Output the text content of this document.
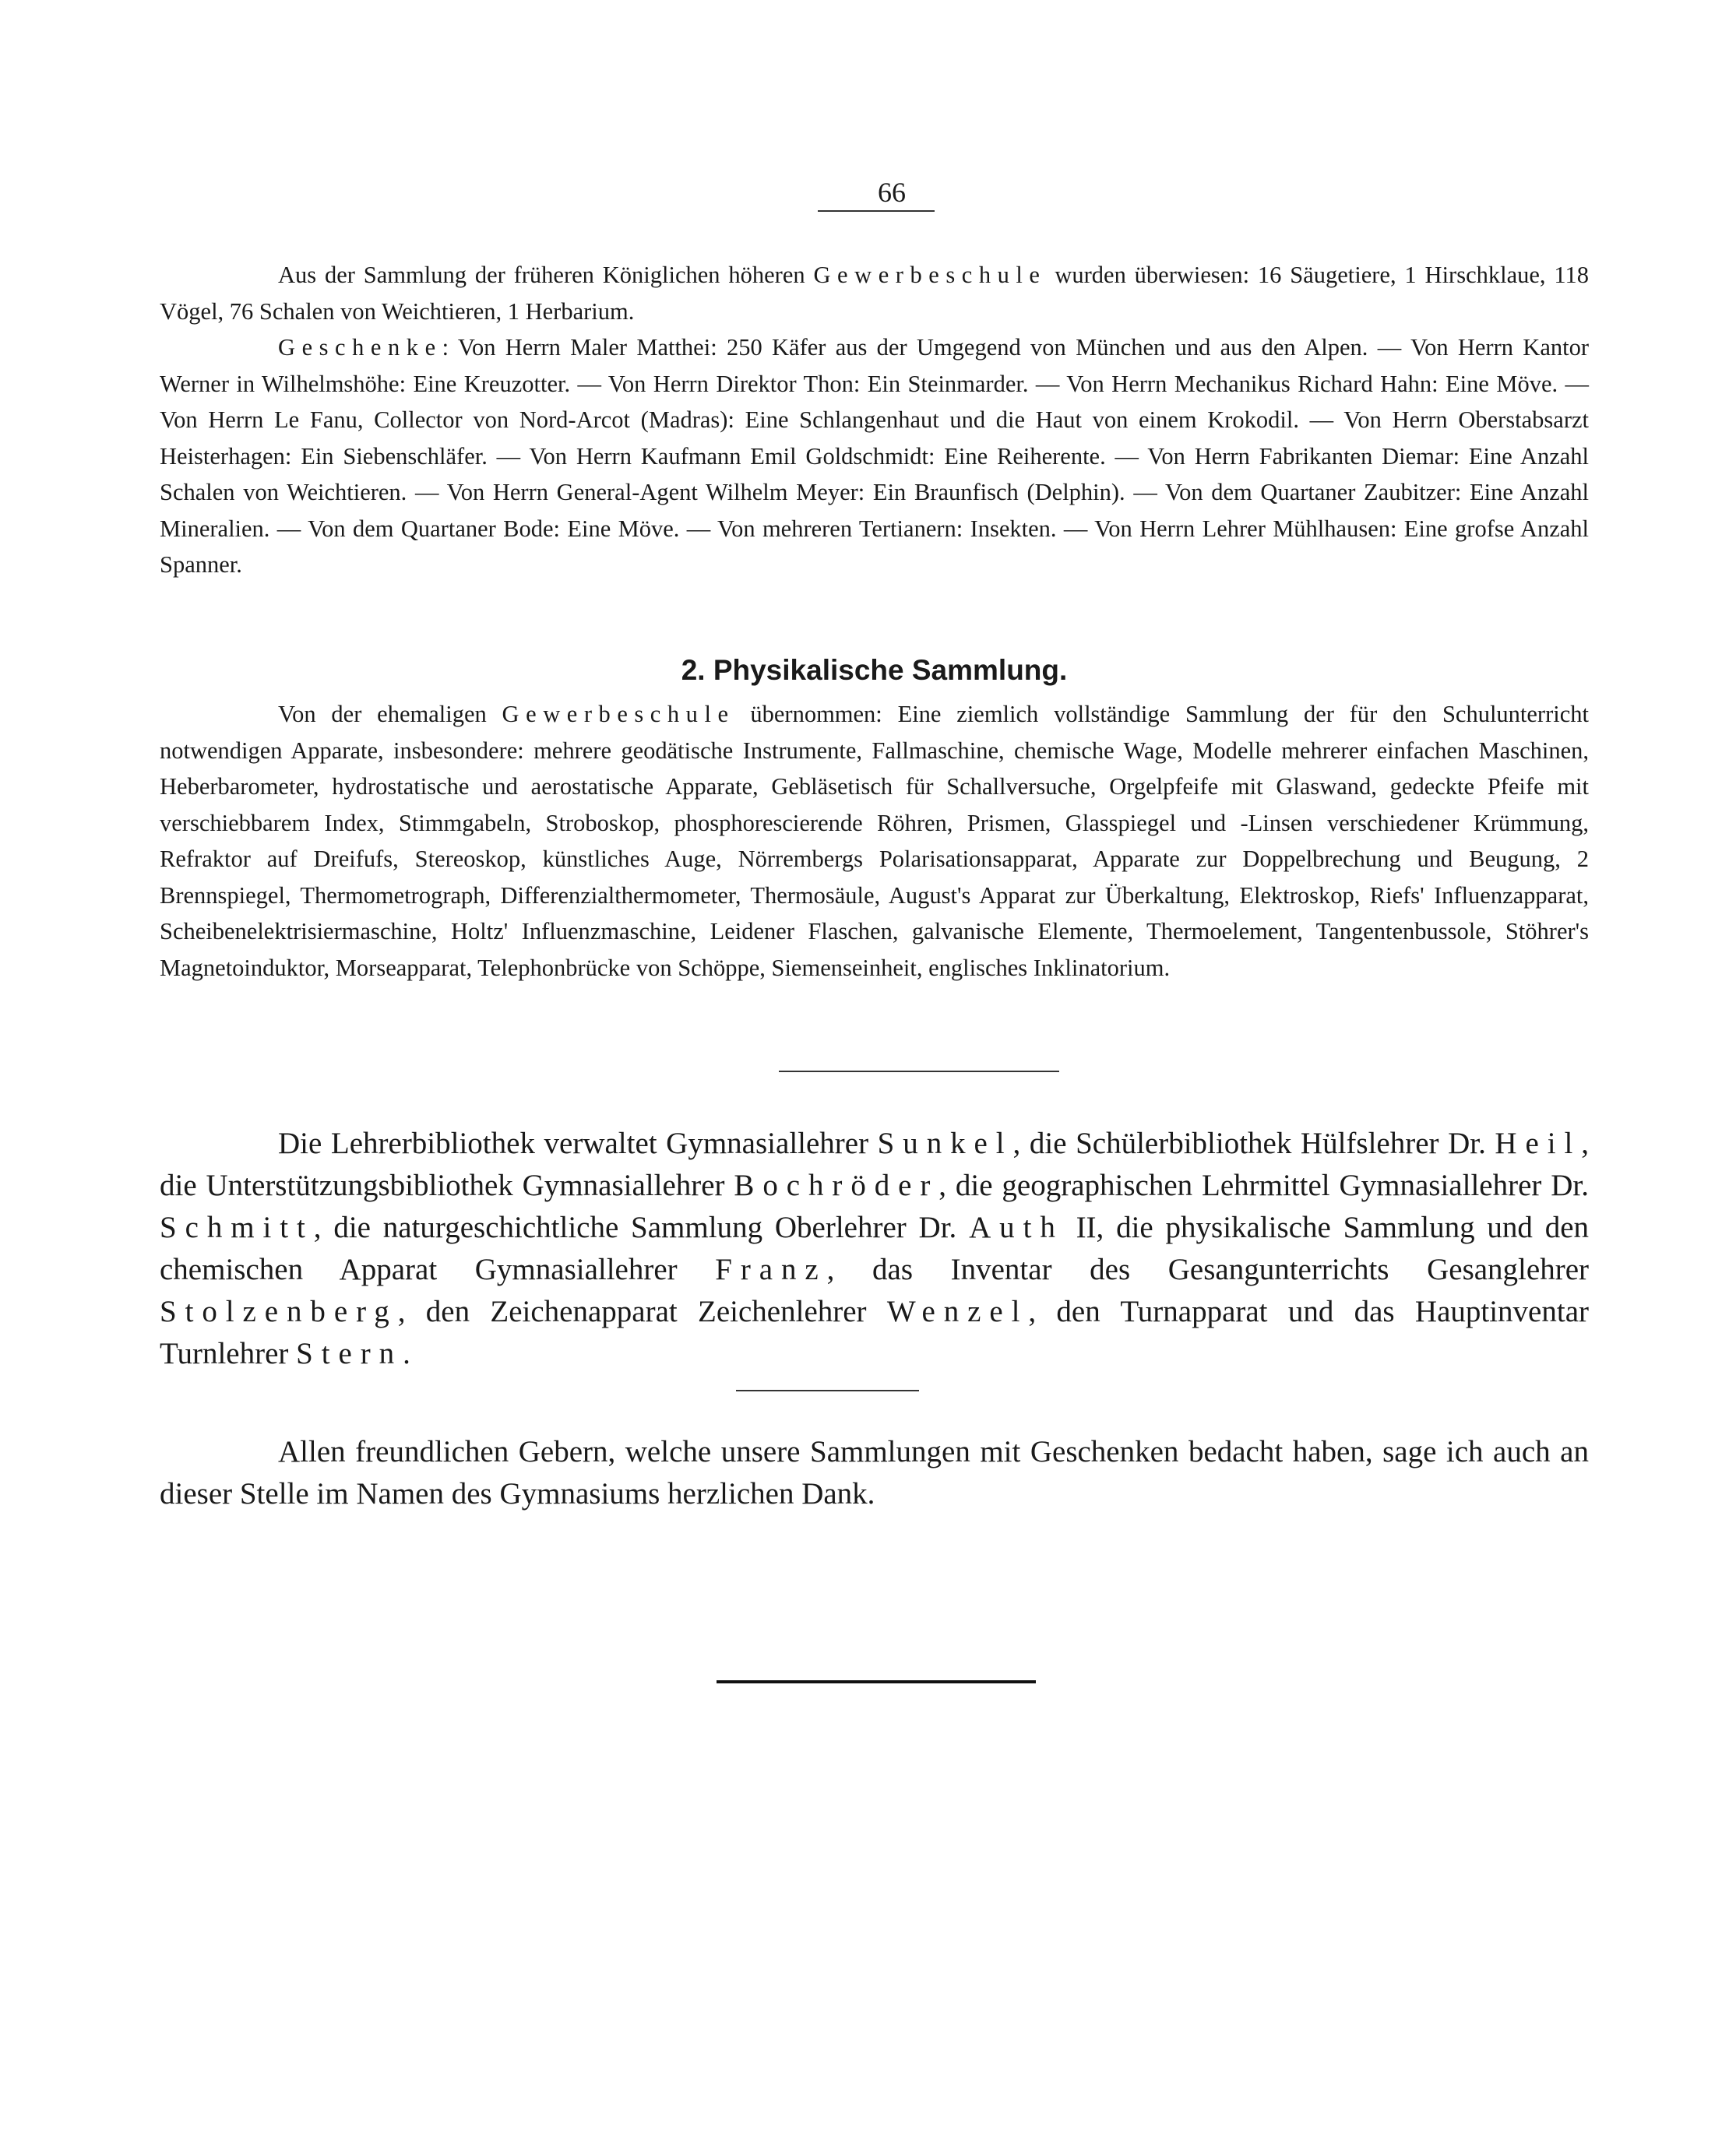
66

Aus der Sammlung der früheren Königlichen höheren Gewerbeschule wurden überwiesen: 16 Säugetiere, 1 Hirschklaue, 118 Vögel, 76 Schalen von Weichtieren, 1 Herbarium.

Geschenke: Von Herrn Maler Matthei: 250 Käfer aus der Umgegend von München und aus den Alpen. — Von Herrn Kantor Werner in Wilhelmshöhe: Eine Kreuzotter. — Von Herrn Direktor Thon: Ein Steinmarder. — Von Herrn Mechanikus Richard Hahn: Eine Möve. — Von Herrn Le Fanu, Collector von Nord-Arcot (Madras): Eine Schlangenhaut und die Haut von einem Krokodil. — Von Herrn Oberstabsarzt Heisterhagen: Ein Siebenschläfer. — Von Herrn Kaufmann Emil Goldschmidt: Eine Reiherente. — Von Herrn Fabrikanten Diemar: Eine Anzahl Schalen von Weichtieren. — Von Herrn General-Agent Wilhelm Meyer: Ein Braunfisch (Delphin). — Von dem Quartaner Zaubitzer: Eine Anzahl Mineralien. — Von dem Quartaner Bode: Eine Möve. — Von mehreren Tertianern: Insekten. — Von Herrn Lehrer Mühlhausen: Eine grofse Anzahl Spanner.

2. Physikalische Sammlung.

Von der ehemaligen Gewerbeschule übernommen: Eine ziemlich vollständige Sammlung der für den Schulunterricht notwendigen Apparate, insbesondere: mehrere geodätische Instrumente, Fallmaschine, chemische Wage, Modelle mehrerer einfachen Maschinen, Heberbarometer, hydrostatische und aerostatische Apparate, Gebläsetisch für Schallversuche, Orgelpfeife mit Glaswand, gedeckte Pfeife mit verschiebbarem Index, Stimmgabeln, Stroboskop, phosphorescierende Röhren, Prismen, Glasspiegel und -Linsen verschiedener Krümmung, Refraktor auf Dreifufs, Stereoskop, künstliches Auge, Nörrembergs Polarisationsapparat, Apparate zur Doppelbrechung und Beugung, 2 Brennspiegel, Thermometrograph, Differenzialthermometer, Thermosäule, August's Apparat zur Überkaltung, Elektroskop, Riefs' Influenzapparat, Scheibenelektrisiermaschine, Holtz' Influenzmaschine, Leidener Flaschen, galvanische Elemente, Thermoelement, Tangentenbussole, Stöhrer's Magnetoinduktor, Morseapparat, Telephonbrücke von Schöppe, Siemenseinheit, englisches Inklinatorium.

Die Lehrerbibliothek verwaltet Gymnasiallehrer Sunkel, die Schülerbibliothek Hülfslehrer Dr. Heil, die Unterstützungsbibliothek Gymnasiallehrer Bochröder, die geographischen Lehrmittel Gymnasiallehrer Dr. Schmitt, die naturgeschichtliche Sammlung Oberlehrer Dr. Auth II, die physikalische Sammlung und den chemischen Apparat Gymnasiallehrer Franz, das Inventar des Gesangunterrichts Gesanglehrer Stolzenberg, den Zeichenapparat Zeichenlehrer Wenzel, den Turnapparat und das Hauptinventar Turnlehrer Stern.

Allen freundlichen Gebern, welche unsere Sammlungen mit Geschenken bedacht haben, sage ich auch an dieser Stelle im Namen des Gymnasiums herzlichen Dank.
